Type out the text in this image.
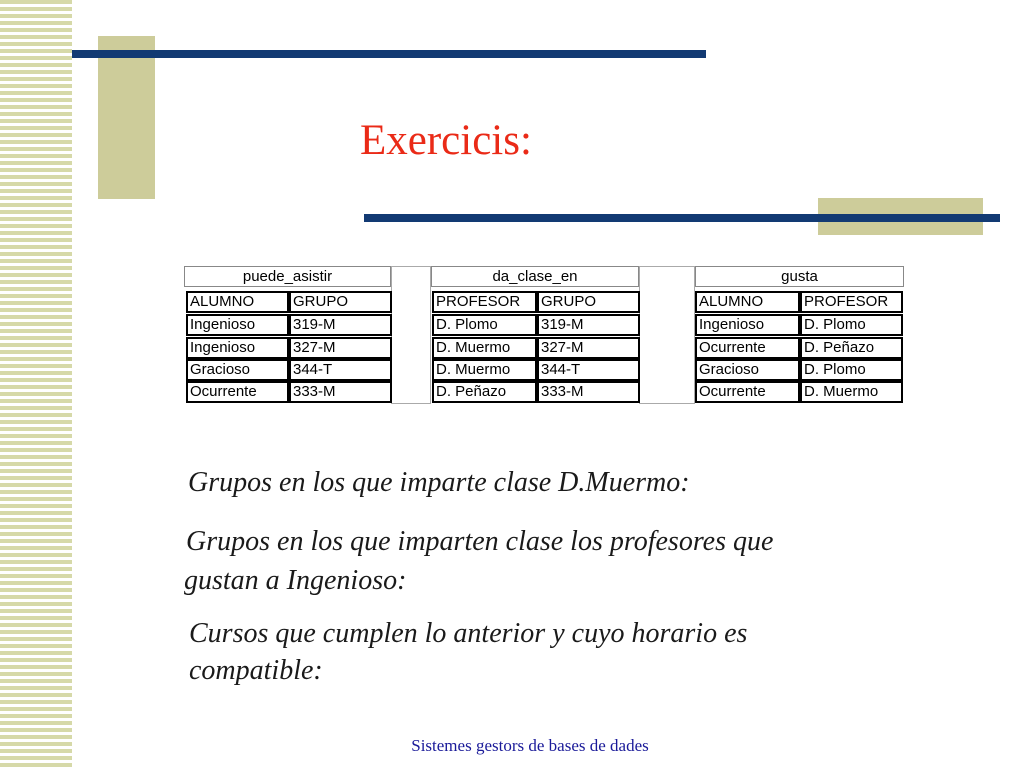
Exercicis:
puede_asistir	da_clase_en	gusta
ALUMNO	GRUPO
Ingenioso	319-M
Ingenioso	327-M
Gracioso	344-T
Ocurrente	333-M
PROFESOR	GRUPO
D. Plomo	319-M
D. Muermo	327-M
D. Muermo	344-T
D. Peñazo	333-M
ALUMNO	PROFESOR
Ingenioso	D. Plomo
Ocurrente	D. Peñazo
Gracioso	D. Plomo
Ocurrente	D. Muermo
Grupos en los que imparte clase D.Muermo:
Grupos en los que imparten clase los profesores que
gustan a Ingenioso:
Cursos que cumplen lo anterior y cuyo horario es
compatible:
Sistemes gestors de bases de dades
